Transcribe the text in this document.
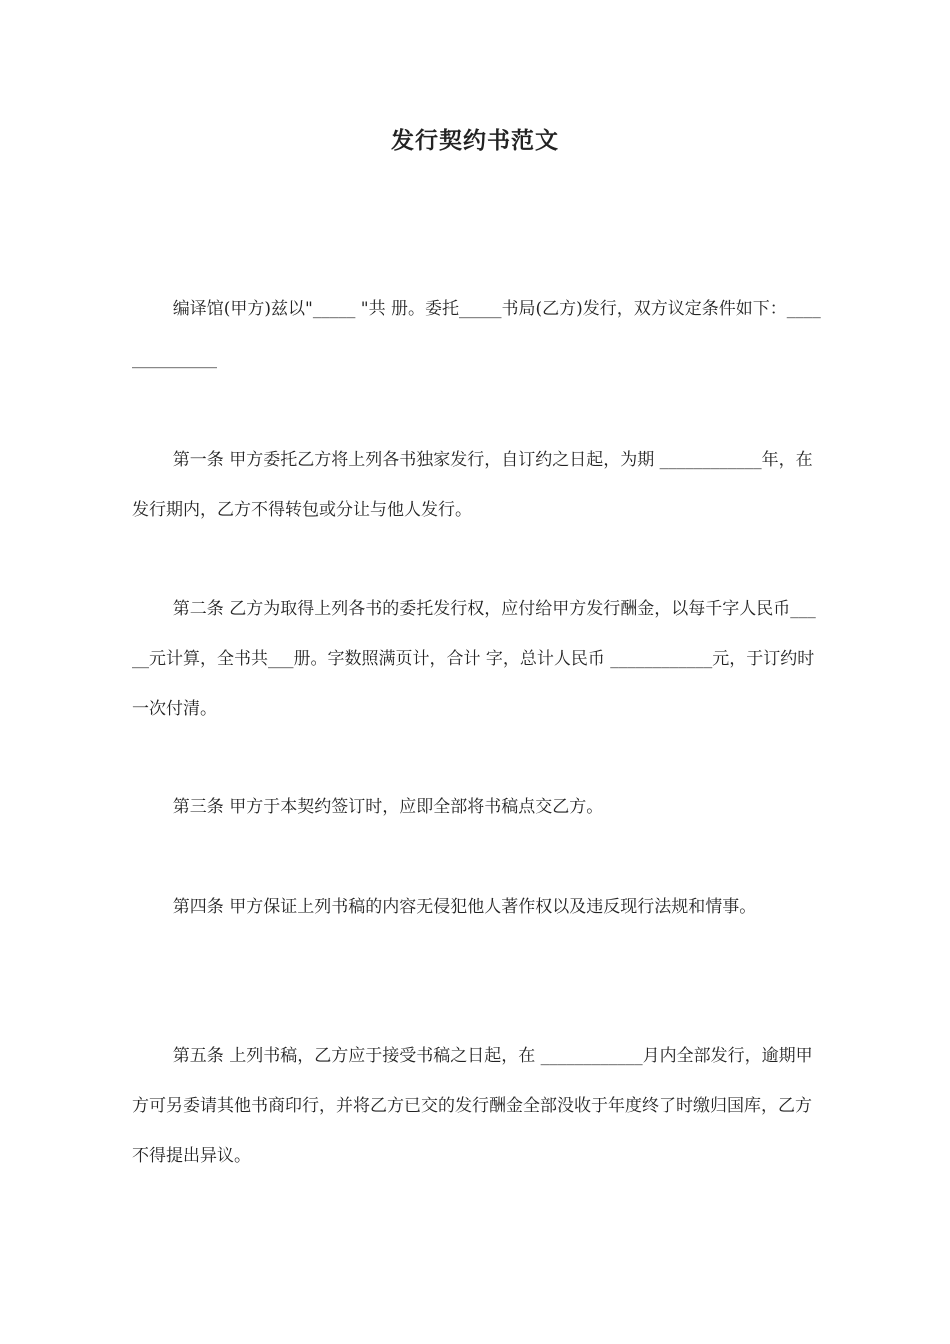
发行契约书范文

编译馆(甲方)兹以"_____ "共 册。委托_____书局(乙方)发行，双方议定条件如下：______________

第一条 甲方委托乙方将上列各书独家发行，自订约之日起，为期 ____________年，在发行期内，乙方不得转包或分让与他人发行。

第二条 乙方为取得上列各书的委托发行权，应付给甲方发行酬金，以每千字人民币_____元计算，全书共___册。字数照满页计，合计 字，总计人民币 ____________元，于订约时一次付清。

第三条 甲方于本契约签订时，应即全部将书稿点交乙方。

第四条 甲方保证上列书稿的内容无侵犯他人著作权以及违反现行法规和情事。

第五条 上列书稿，乙方应于接受书稿之日起，在 ____________月内全部发行，逾期甲方可另委请其他书商印行，并将乙方已交的发行酬金全部没收于年度终了时缴归国库，乙方不得提出异议。
